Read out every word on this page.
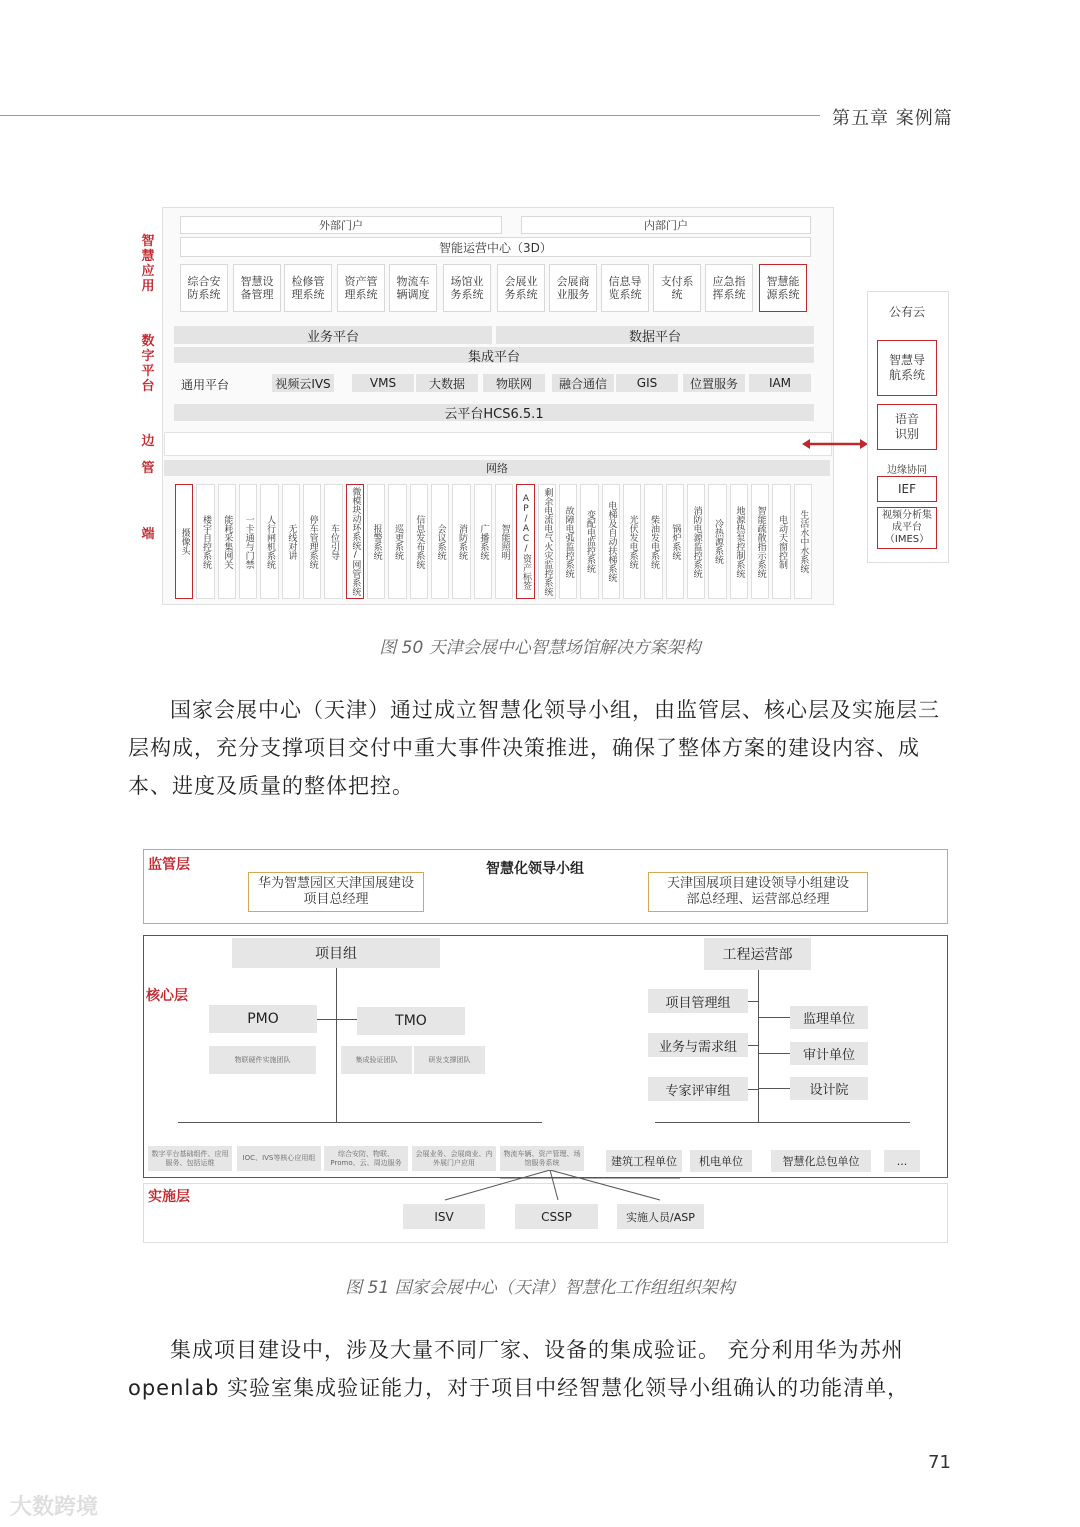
第五章 案例篇
智慧应用
数字平台
边
管
端
外部门户	内部门户
智能运营中心（3D）
综合安防系统
智慧设备管理
检修管理系统
资产管理系统
物流车辆调度
场馆业务系统
会展业务系统
会展商业服务
信息导览系统
支付系统
应急指挥系统
智慧能源系统
业务平台	数据平台
集成平台
通用平台	视频云IVS	VMS	大数据	物联网	融合通信	GIS	位置服务	IAM
云平台HCS6.5.1
网络
摄像头	楼宇自控系统	能耗采集网关	一卡通与门禁	人行闸机系统	无线对讲	停车管理系统	车位引导	微模块动环系统/网管系统	报警系统	巡更系统	信息发布系统	会议系统	消防系统	广播系统	智能照明	AP/AC/资产标签	剩余电流电气火灾监控系统	故障电弧监控系统	变配电监控系统	电梯及自动扶梯系统	光伏发电系统	柴油发电系统	锅炉系统	消防电源监控系统	冷热源系统	地源热泵控制系统	智能疏散指示系统	电动天窗控制	生活水中水系统
公有云
智慧导航系统
语音识别
边缘协同
IEF
视频分析集成平台（IMES）
图 50 天津会展中心智慧场馆解决方案架构
国家会展中心（天津）通过成立智慧化领导小组，由监管层、核心层及实施层三层构成，充分支撑项目交付中重大事件决策推进，确保了整体方案的建设内容、成本、进度及质量的整体把控。
监管层
核心层
实施层
智慧化领导小组
华为智慧园区天津国展建设项目总经理
天津国展项目建设领导小组建设部总经理、运营部总经理
项目组	工程运营部
PMO	TMO
物联硬件实施团队	集成验证团队	研发支撑团队
项目管理组
业务与需求组
专家评审组
监理单位
审计单位
设计院
数字平台基础组件、应用服务、包括运维
IOC、IVS等核心应用组
综合安防、物联、Promo、云、周边服务
会展业务、会展商业、内外展门户应用
物流车辆、资产管理、场馆服务系统	建筑工程单位	机电单位	智慧化总包单位	...
ISV	CSSP	实施人员/ASP
图 51 国家会展中心（天津）智慧化工作组组织架构
集成项目建设中，涉及大量不同厂家、设备的集成验证。 充分利用华为苏州openlab 实验室集成验证能力，对于项目中经智慧化领导小组确认的功能清单，
71
大数跨境
